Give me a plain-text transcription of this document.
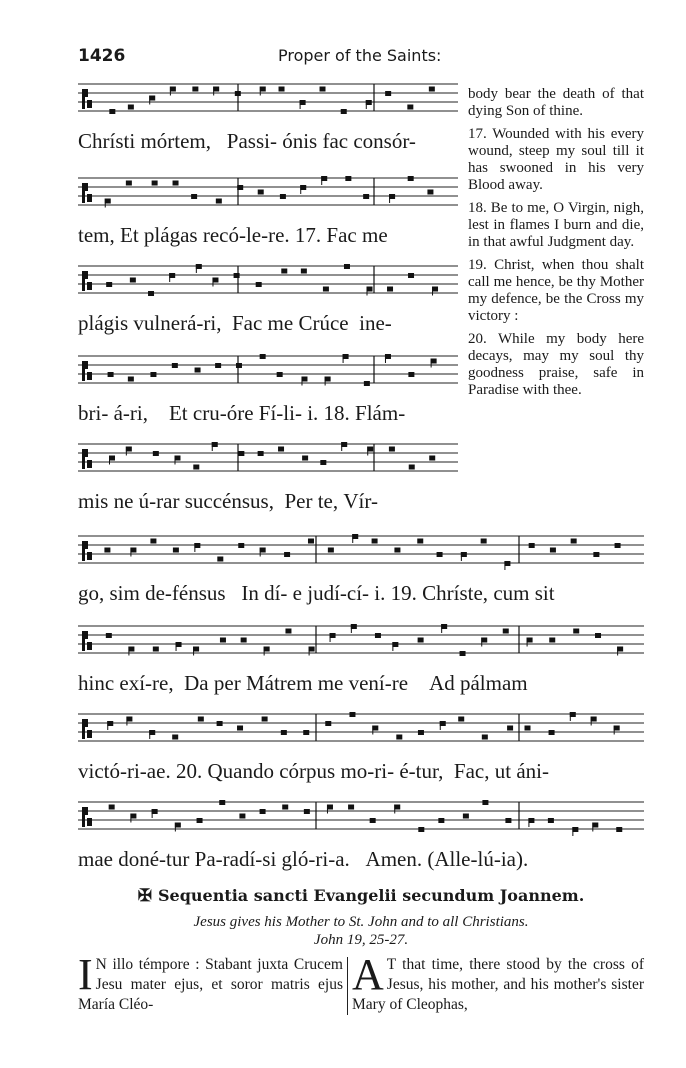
1426	Proper of the Saints:
Chrísti mórtem, Passi- ónis fac consór-
tem, Et plágas recó-le-re. 17. Fac me
plágis vulnerá-ri, Fac me Crúce ine-
bri- á-ri, Et cru-óre Fí-li- i. 18. Flám-
mis ne ú-rar succénsus, Per te, Vír-
go, sim de-fénsus In dí- e judí-cí- i. 19. Chríste, cum sit
hinc exí-re, Da per Mátrem me vení-re Ad pálmam
victó-ri-ae. 20. Quando córpus mo-ri- é-tur, Fac, ut áni-
mae doné-tur Pa-radí-si gló-ri-a. Amen. (Alle-lú-ia).

body bear the death of that dying Son of thine.

17. Wounded with his every wound, steep my soul till it has swooned in his very Blood away.

18. Be to me, O Virgin, nigh, lest in flames I burn and die, in that awful Judgment day.

19. Christ, when thou shalt call me hence, be thy Mother my defence, be the Cross my victory :

20. While my body here decays, may my soul thy goodness praise, safe in Paradise with thee.

✠ Sequentia sancti Evangelii secundum Joannem.
Jesus gives his Mother to St. John and to all Christians.
John 19, 25-27.
I N illo témpore : Stabant juxta Crucem Jesu mater ejus, et soror matris ejus María Cléo-
A T that time, there stood by the cross of Jesus, his mother, and his mother's sister Mary of Cleophas,
